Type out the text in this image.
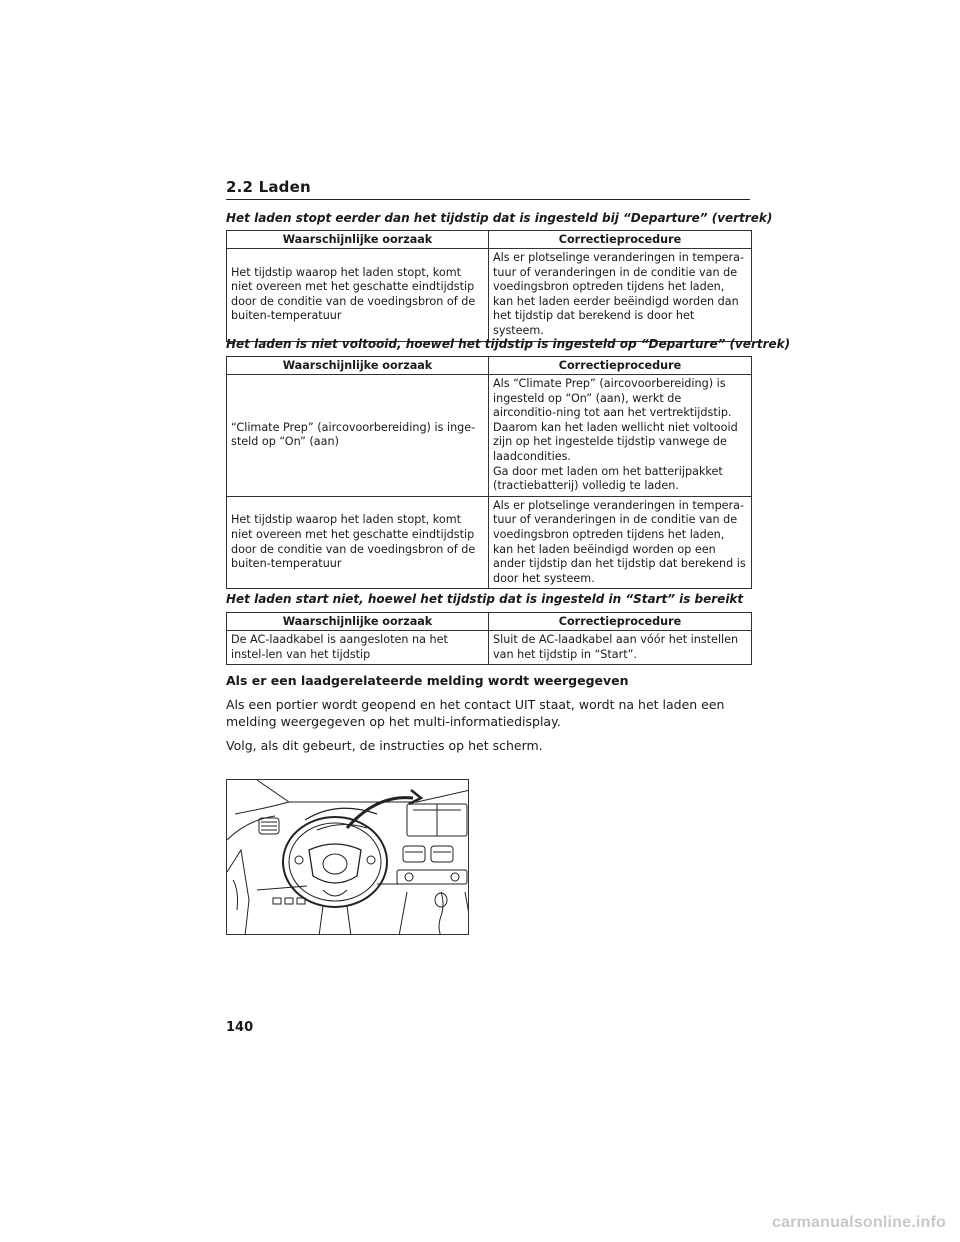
2.2 Laden
Het laden stopt eerder dan het tijdstip dat is ingesteld bij “Departure” (vertrek)
Waarschijnlijke oorzaak	Correctieprocedure
Het tijdstip waarop het laden stopt, komt niet overeen met het geschatte eindtijdstip door de conditie van de voedingsbron of de buiten-temperatuur	Als er plotselinge veranderingen in tempera-tuur of veranderingen in de conditie van de voedingsbron optreden tijdens het laden, kan het laden eerder beëindigd worden dan het tijdstip dat berekend is door het systeem.
Het laden is niet voltooid, hoewel het tijdstip is ingesteld op “Departure” (vertrek)
Waarschijnlijke oorzaak	Correctieprocedure
“Climate Prep” (aircovoorbereiding) is inge-steld op “On” (aan)	Als “Climate Prep” (aircovoorbereiding) is ingesteld op “On” (aan), werkt de airconditio-ning tot aan het vertrektijdstip.
Daarom kan het laden wellicht niet voltooid zijn op het ingestelde tijdstip vanwege de laadcondities.
Ga door met laden om het batterijpakket (tractiebatterij) volledig te laden.
Het tijdstip waarop het laden stopt, komt niet overeen met het geschatte eindtijdstip door de conditie van de voedingsbron of de buiten-temperatuur	Als er plotselinge veranderingen in tempera-tuur of veranderingen in de conditie van de voedingsbron optreden tijdens het laden, kan het laden beëindigd worden op een ander tijdstip dan het tijdstip dat berekend is door het systeem.
Het laden start niet, hoewel het tijdstip dat is ingesteld in “Start” is bereikt
Waarschijnlijke oorzaak	Correctieprocedure
De AC-laadkabel is aangesloten na het instel-len van het tijdstip	Sluit de AC-laadkabel aan vóór het instellen van het tijdstip in “Start”.
Als er een laadgerelateerde melding wordt weergegeven
Als een portier wordt geopend en het contact UIT staat, wordt na het laden een melding weergegeven op het multi-informatiedisplay.
Volg, als dit gebeurt, de instructies op het scherm.
140
carmanualsonline.info
